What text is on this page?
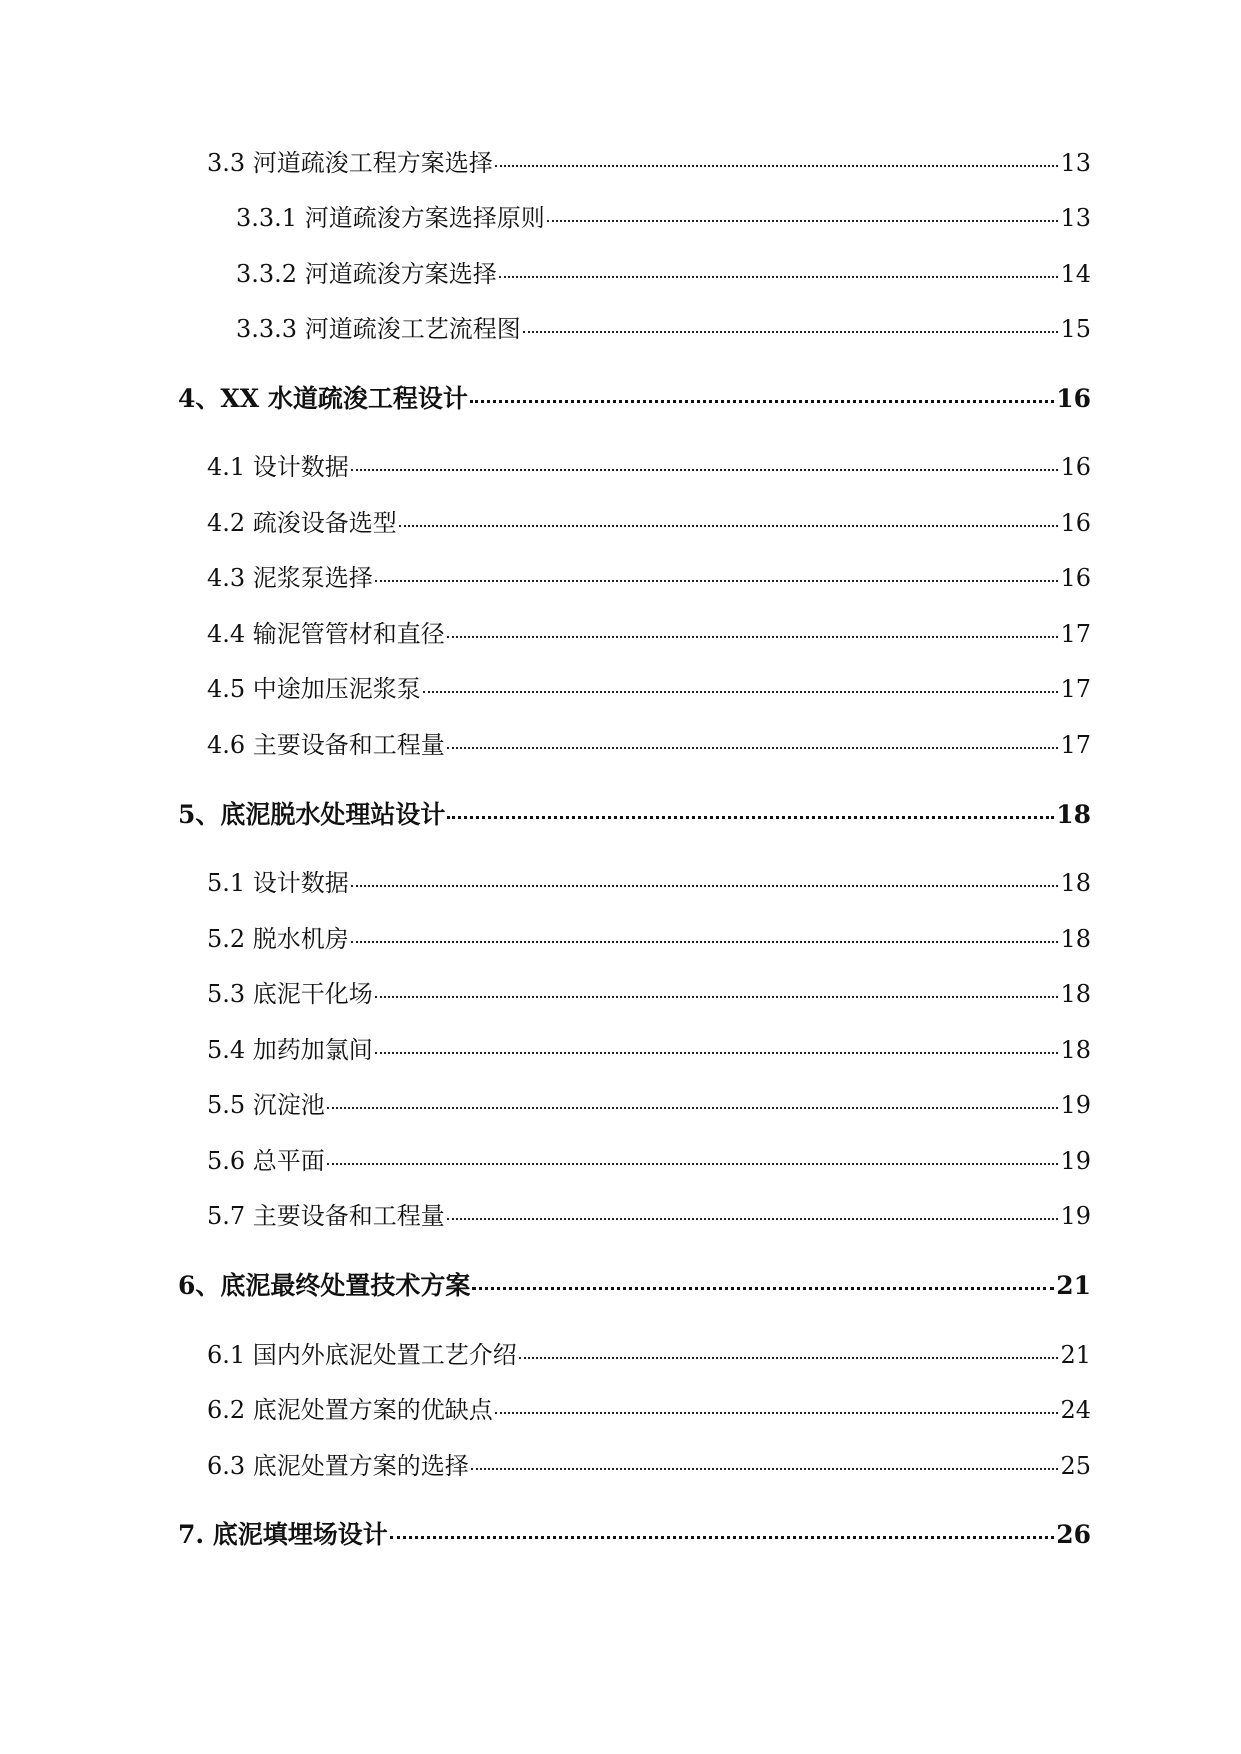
3.3 河道疏浚工程方案选择	13
3.3.1 河道疏浚方案选择原则	13
3.3.2 河道疏浚方案选择	14
3.3.3 河道疏浚工艺流程图	15
4、XX 水道疏浚工程设计	16
4.1 设计数据	16
4.2 疏浚设备选型	16
4.3 泥浆泵选择	16
4.4 输泥管管材和直径	17
4.5 中途加压泥浆泵	17
4.6 主要设备和工程量	17
5、底泥脱水处理站设计	18
5.1 设计数据	18
5.2 脱水机房	18
5.3 底泥干化场	18
5.4 加药加氯间	18
5.5 沉淀池	19
5.6 总平面	19
5.7 主要设备和工程量	19
6、底泥最终处置技术方案	21
6.1 国内外底泥处置工艺介绍	21
6.2 底泥处置方案的优缺点	24
6.3 底泥处置方案的选择	25
7. 底泥填埋场设计	26
